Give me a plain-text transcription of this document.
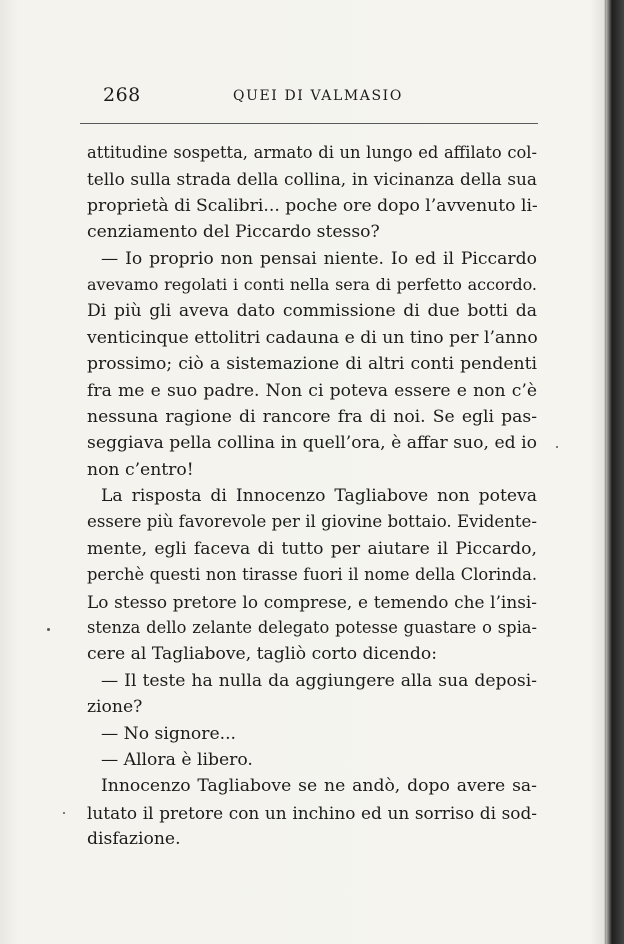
268	QUEI DI VALMASIO
attitudine sospetta, armato di un lungo ed affilato col-
tello sulla strada della collina, in vicinanza della sua
proprietà di Scalibri... poche ore dopo l’avvenuto li-
cenziamento del Piccardo stesso?
— Io proprio non pensai niente. Io ed il Piccardo
avevamo regolati i conti nella sera di perfetto accordo.
Di più gli aveva dato commissione di due botti da
venticinque ettolitri cadauna e di un tino per l’anno
prossimo; ciò a sistemazione di altri conti pendenti
fra me e suo padre. Non ci poteva essere e non c’è
nessuna ragione di rancore fra di noi. Se egli pas-
seggiava pella collina in quell’ora, è affar suo, ed io
non c’entro!
La risposta di Innocenzo Tagliabove non poteva
essere più favorevole per il giovine bottaio. Evidente-
mente, egli faceva di tutto per aiutare il Piccardo,
perchè questi non tirasse fuori il nome della Clorinda.
Lo stesso pretore lo comprese, e temendo che l’insi-
stenza dello zelante delegato potesse guastare o spia-
cere al Tagliabove, tagliò corto dicendo:
— Il teste ha nulla da aggiungere alla sua deposi-
zione?
— No signore...
— Allora è libero.
Innocenzo Tagliabove se ne andò, dopo avere sa-
lutato il pretore con un inchino ed un sorriso di sod-
disfazione.
